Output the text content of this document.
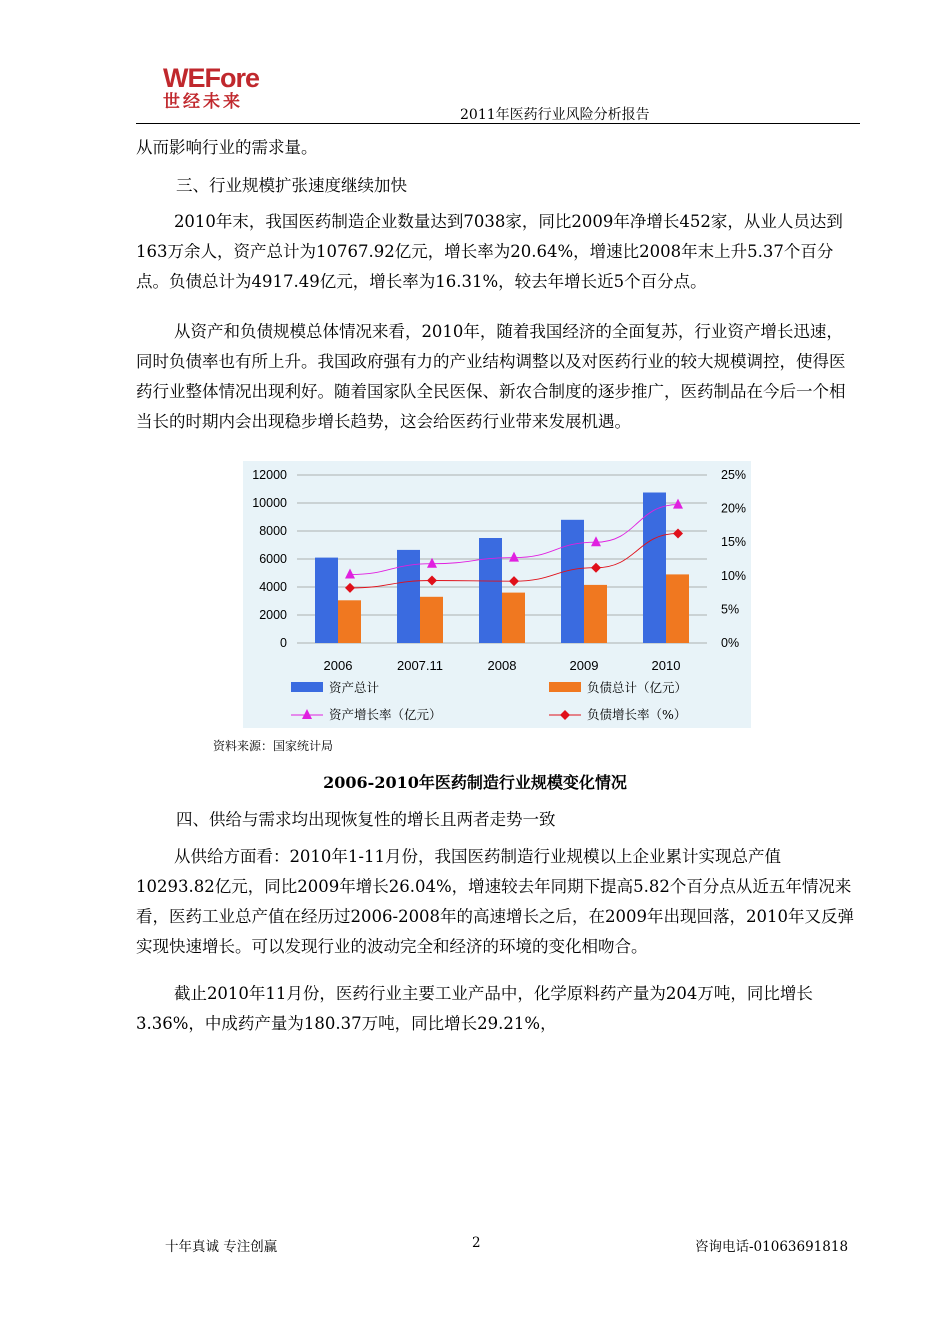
WEFore
世经未来
2011年医药行业风险分析报告

从而影响行业的需求量。

三、行业规模扩张速度继续加快

2010年末，我国医药制造企业数量达到7038家，同比2009年净增长452家，从业人员达到163万余人，资产总计为10767.92亿元，增长率为20.64%，增速比2008年末上升5.37个百分点。负债总计为4917.49亿元，增长率为16.31%，较去年增长近5个百分点。

从资产和负债规模总体情况来看，2010年，随着我国经济的全面复苏，行业资产增长迅速，同时负债率也有所上升。我国政府强有力的产业结构调整以及对医药行业的较大规模调控，使得医药行业整体情况出现利好。随着国家队全民医保、新农合制度的逐步推广，医药制品在今后一个相当长的时期内会出现稳步增长趋势，这会给医药行业带来发展机遇。

0
2000
4000
6000
8000
10000
12000
0%
5%
10%
15%
20%
25%
2006	2007.11	2008	2009	2010
资产总计	负债总计（亿元）
资产增长率（亿元）	负债增长率（%）
资料来源：国家统计局
2006-2010年医药制造行业规模变化情况
四、供给与需求均出现恢复性的增长且两者走势一致

从供给方面看：2010年1-11月份，我国医药制造行业规模以上企业累计实现总产值10293.82亿元，同比2009年增长26.04%，增速较去年同期下提高5.82个百分点从近五年情况来看，医药工业总产值在经历过2006-2008年的高速增长之后，在2009年出现回落，2010年又反弹实现快速增长。可以发现行业的波动完全和经济的环境的变化相吻合。

截止2010年11月份，医药行业主要工业产品中，化学原料药产量为204万吨，同比增长3.36%，中成药产量为180.37万吨，同比增长29.21%，

十年真诚 专注创赢	2	咨询电话-01063691818
